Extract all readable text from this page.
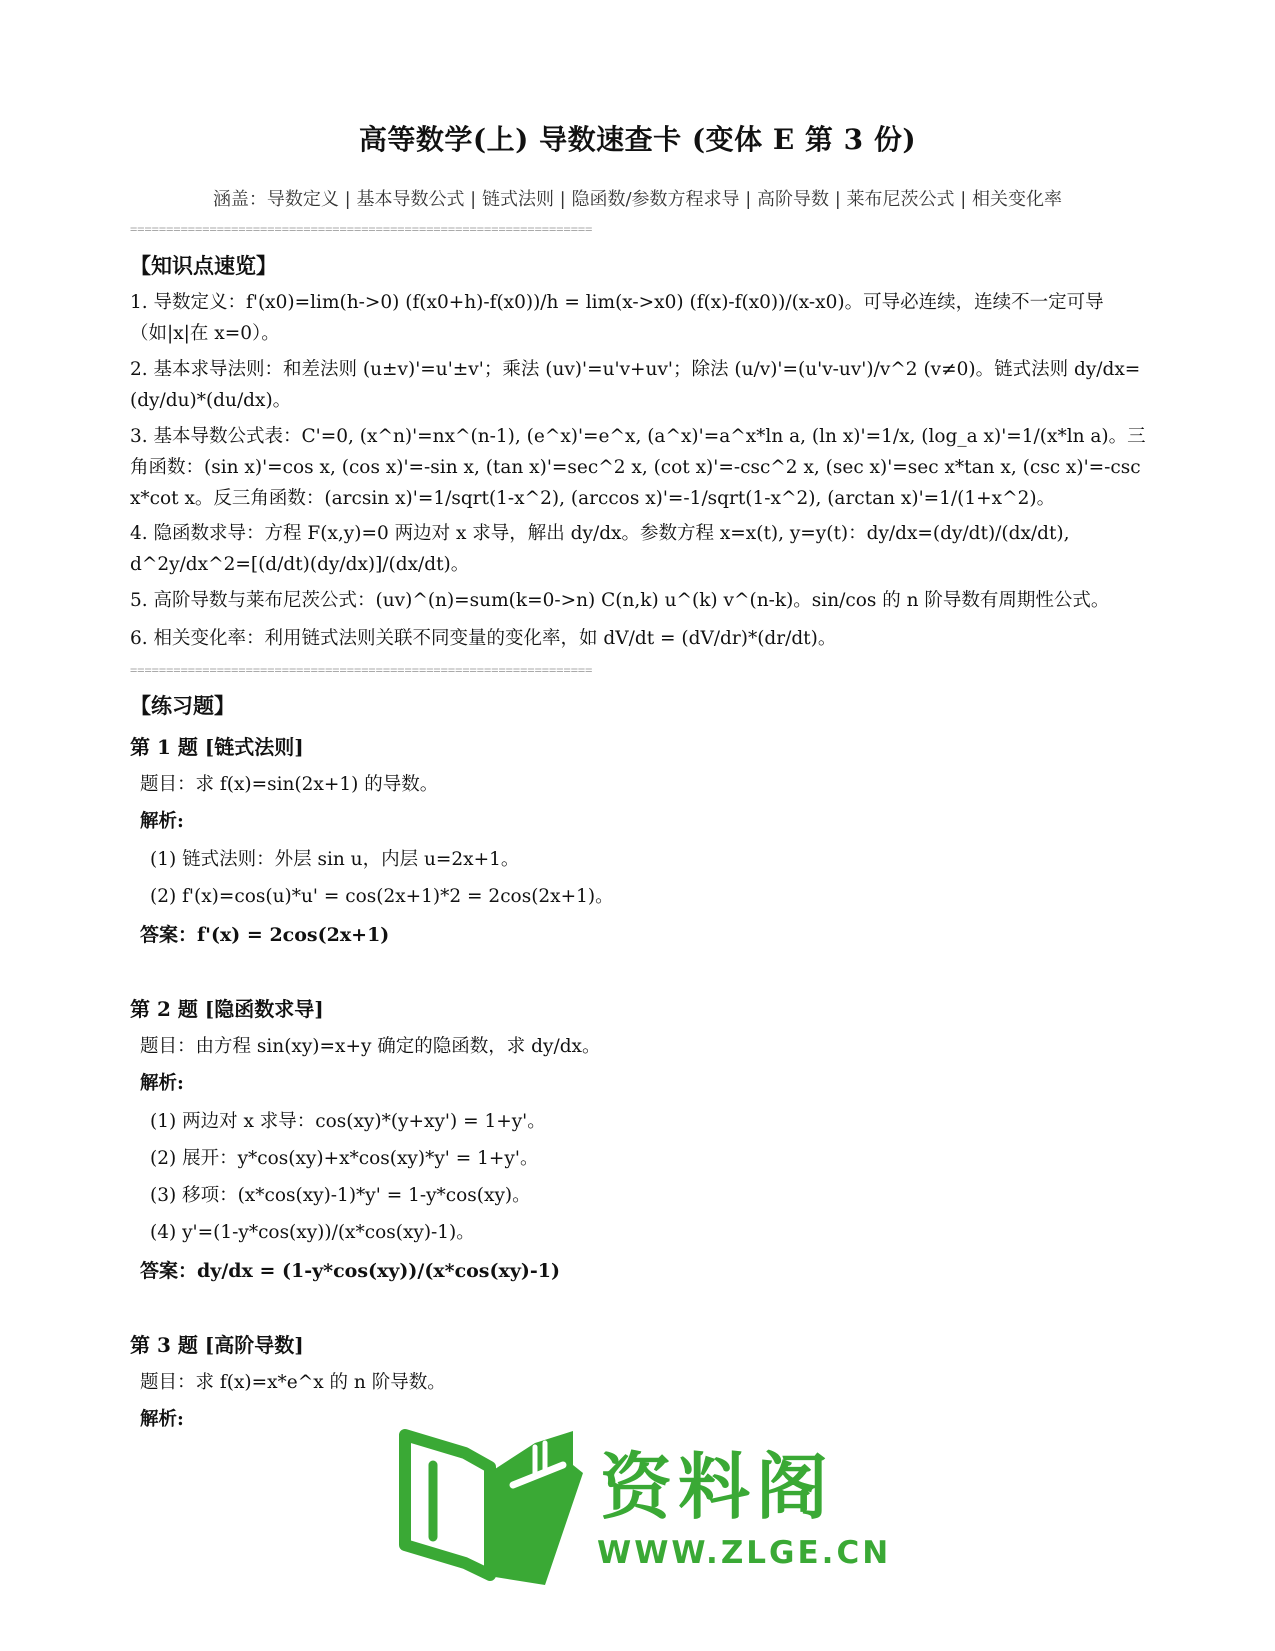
高等数学(上) 导数速查卡 (变体 E 第 3 份)
涵盖：导数定义 | 基本导数公式 | 链式法则 | 隐函数/参数方程求导 | 高阶导数 | 莱布尼茨公式 | 相关变化率
================================================================
【知识点速览】
1. 导数定义：f'(x0)=lim(h->0) (f(x0+h)-f(x0))/h = lim(x->x0) (f(x)-f(x0))/(x-x0)。可导必连续，连续不一定可导（如|x|在 x=0）。
2. 基本求导法则：和差法则 (u±v)'=u'±v'；乘法 (uv)'=u'v+uv'；除法 (u/v)'=(u'v-uv')/v^2 (v≠0)。链式法则 dy/dx=(dy/du)*(du/dx)。
3. 基本导数公式表：C'=0, (x^n)'=nx^(n-1), (e^x)'=e^x, (a^x)'=a^x*ln a, (ln x)'=1/x, (log_a x)'=1/(x*ln a)。三角函数：(sin x)'=cos x, (cos x)'=-sin x, (tan x)'=sec^2 x, (cot x)'=-csc^2 x, (sec x)'=sec x*tan x, (csc x)'=-csc x*cot x。反三角函数：(arcsin x)'=1/sqrt(1-x^2), (arccos x)'=-1/sqrt(1-x^2), (arctan x)'=1/(1+x^2)。
4. 隐函数求导：方程 F(x,y)=0 两边对 x 求导，解出 dy/dx。参数方程 x=x(t), y=y(t)：dy/dx=(dy/dt)/(dx/dt), d^2y/dx^2=[(d/dt)(dy/dx)]/(dx/dt)。
5. 高阶导数与莱布尼茨公式：(uv)^(n)=sum(k=0->n) C(n,k) u^(k) v^(n-k)。sin/cos 的 n 阶导数有周期性公式。
6. 相关变化率：利用链式法则关联不同变量的变化率，如 dV/dt = (dV/dr)*(dr/dt)。
================================================================
【练习题】
第 1 题 [链式法则]
题目：求 f(x)=sin(2x+1) 的导数。
解析:
(1) 链式法则：外层 sin u，内层 u=2x+1。
(2) f'(x)=cos(u)*u' = cos(2x+1)*2 = 2cos(2x+1)。
答案：f'(x) = 2cos(2x+1)
第 2 题 [隐函数求导]
题目：由方程 sin(xy)=x+y 确定的隐函数，求 dy/dx。
解析:
(1) 两边对 x 求导：cos(xy)*(y+xy') = 1+y'。
(2) 展开：y*cos(xy)+x*cos(xy)*y' = 1+y'。
(3) 移项：(x*cos(xy)-1)*y' = 1-y*cos(xy)。
(4) y'=(1-y*cos(xy))/(x*cos(xy)-1)。
答案：dy/dx = (1-y*cos(xy))/(x*cos(xy)-1)
第 3 题 [高阶导数]
题目：求 f(x)=x*e^x 的 n 阶导数。
解析:
资料阁
WWW.ZLGE.CN
